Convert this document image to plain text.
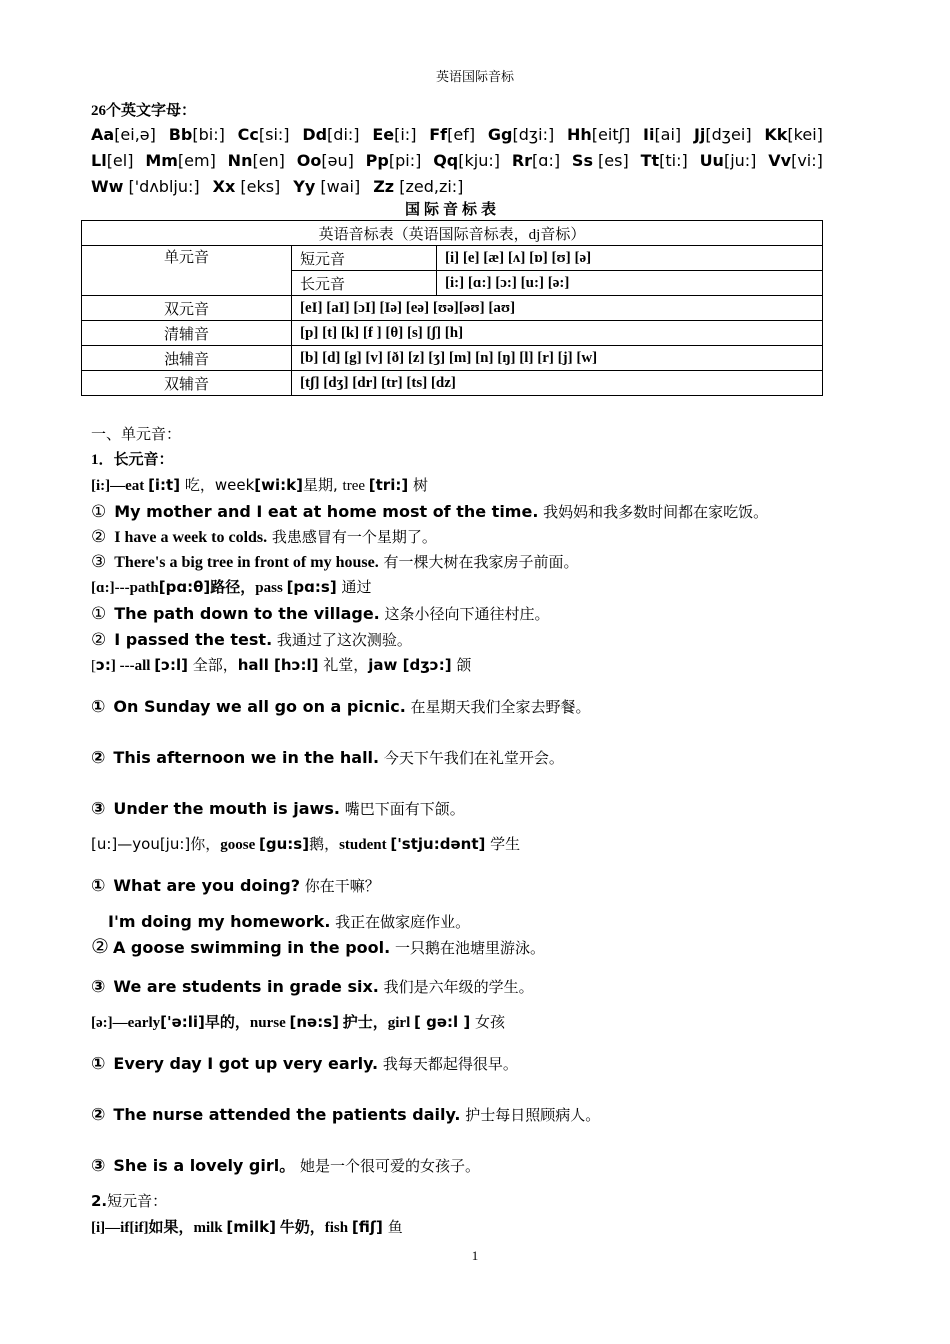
英语国际音标
26个英文字母：
Aa[ei,ə] Bb[bi:] Cc[si:] Dd[di:] Ee[i:] Ff[ef] Gg[dʒi:] Hh[eitʃ] Ii[ai] Jj[dʒei] Kk[kei]
Ll[el] Mm[em] Nn[en] Oo[əu] Pp[pi:] Qq[kju:] Rr[ɑ:] Ss [es] Tt[ti:] Uu[ju:] Vv[vi:]
Ww ['dʌblju:] Xx [eks] Yy [wai] Zz [zed,zi:]
国际音标表
英语音标表（英语国际音标表，dj音标）		
单元音	短元音	[i] [e] [æ] [ʌ] [ɒ] [ʊ] [ə]
	长元音	[i:] [ɑ:] [ɔ:] [u:] [ə:]
双元音	[eI] [aI] [ɔI] [Iə] [eə] [ʊə][əʊ] [aʊ]	
清辅音	[p] [t] [k] [f ] [θ] [s] [ʃ] [h]	
浊辅音	[b] [d] [g] [v] [ð] [z] [ʒ] [m] [n] [ŋ] [l] [r] [j] [w]	
双辅音	[tʃ] [dʒ] [dr] [tr] [ts] [dz]	
一、单元音：
1．长元音：
[i:]—eat [i:t] 吃，week[wi:k]星期, tree [tri:] 树
① My mother and I eat at home most of the time. 我妈妈和我多数时间都在家吃饭。
② I have a week to colds. 我患感冒有一个星期了。
③ There's a big tree in front of my house. 有一棵大树在我家房子前面。
[ɑ:]---path[pɑ:θ]路径，pass [pɑ:s] 通过
① The path down to the village. 这条小径向下通往村庄。
② I passed the test. 我通过了这次测验。
[ɔ:] ---all [ɔ:l] 全部，hall [hɔ:l] 礼堂，jaw [dʒɔ:] 颌
① On Sunday we all go on a picnic. 在星期天我们全家去野餐。
② This afternoon we in the hall. 今天下午我们在礼堂开会。
③ Under the mouth is jaws. 嘴巴下面有下颌。
[u:]—you[ju:]你，goose [gu:s]鹅，student ['stju:dənt] 学生
① What are you doing? 你在干嘛？
I'm doing my homework. 我正在做家庭作业。
② A goose swimming in the pool. 一只鹅在池塘里游泳。
③ We are students in grade six. 我们是六年级的学生。
[ə:]—early['ə:li]早的，nurse [nə:s] 护士，girl [ gə:l ] 女孩
① Every day I got up very early. 我每天都起得很早。
② The nurse attended the patients daily. 护士每日照顾病人。
③ She is a lovely girl。 她是一个很可爱的女孩子。
2.短元音：
[i]—if[if]如果，milk [milk] 牛奶，fish [fiʃ] 鱼
1
